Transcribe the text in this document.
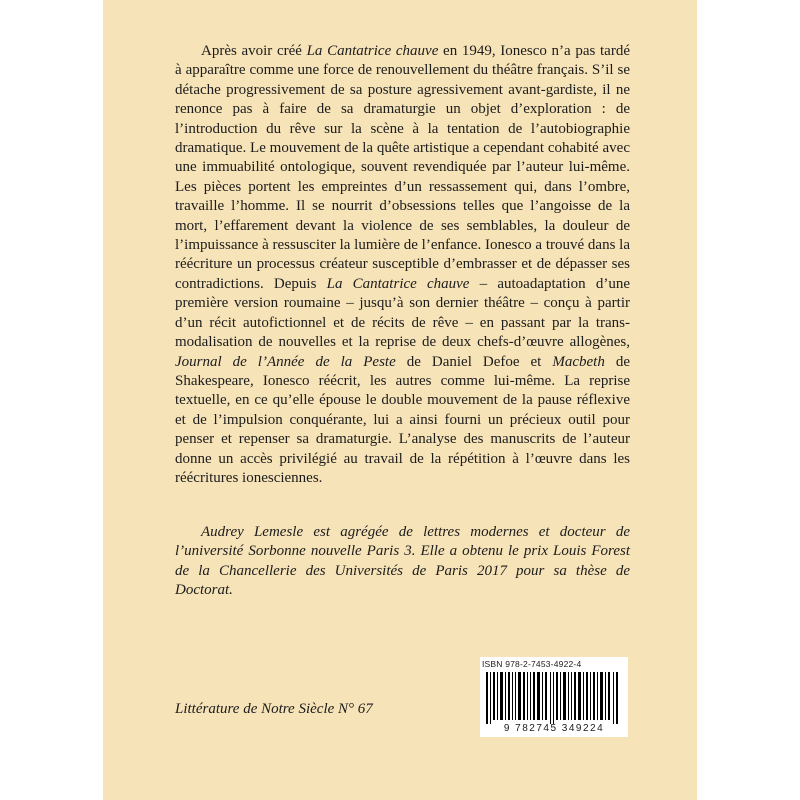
Après avoir créé La Cantatrice chauve en 1949, Ionesco n’a pas tardé à apparaître comme une force de renouvellement du théâtre français. S’il se détache progressivement de sa posture agressivement avant-gardiste, il ne renonce pas à faire de sa dramaturgie un objet d’exploration : de l’introduction du rêve sur la scène à la tentation de l’autobiographie dramatique. Le mouvement de la quête artistique a cependant cohabité avec une immuabilité ontologique, souvent revendiquée par l’auteur lui-même. Les pièces portent les empreintes d’un ressassement qui, dans l’ombre, travaille l’homme. Il se nourrit d’obsessions telles que l’angoisse de la mort, l’effarement devant la violence de ses semblables, la douleur de l’impuissance à ressusciter la lumière de l’enfance. Ionesco a trouvé dans la réécriture un processus créateur susceptible d’embrasser et de dépasser ses contradictions. Depuis La Cantatrice chauve – autoadaptation d’une première version roumaine – jusqu’à son dernier théâtre – conçu à partir d’un récit autofictionnel et de récits de rêve – en passant par la trans-modalisation de nouvelles et la reprise de deux chefs-d’œuvre allogènes, Journal de l’Année de la Peste de Daniel Defoe et Macbeth de Shakespeare, Ionesco réécrit, les autres comme lui-même. La reprise textuelle, en ce qu’elle épouse le double mouvement de la pause réflexive et de l’impulsion conquérante, lui a ainsi fourni un précieux outil pour penser et repenser sa dramaturgie. L’analyse des manuscrits de l’auteur donne un accès privilégié au travail de la répétition à l’œuvre dans les réécritures ionesciennes.

Audrey Lemesle est agrégée de lettres modernes et docteur de l’université Sorbonne nouvelle Paris 3. Elle a obtenu le prix Louis Forest de la Chancellerie des Universités de Paris 2017 pour sa thèse de Doctorat.

Littérature de Notre Siècle N° 67
ISBN 978-2-7453-4922-4
9 782745 349224
